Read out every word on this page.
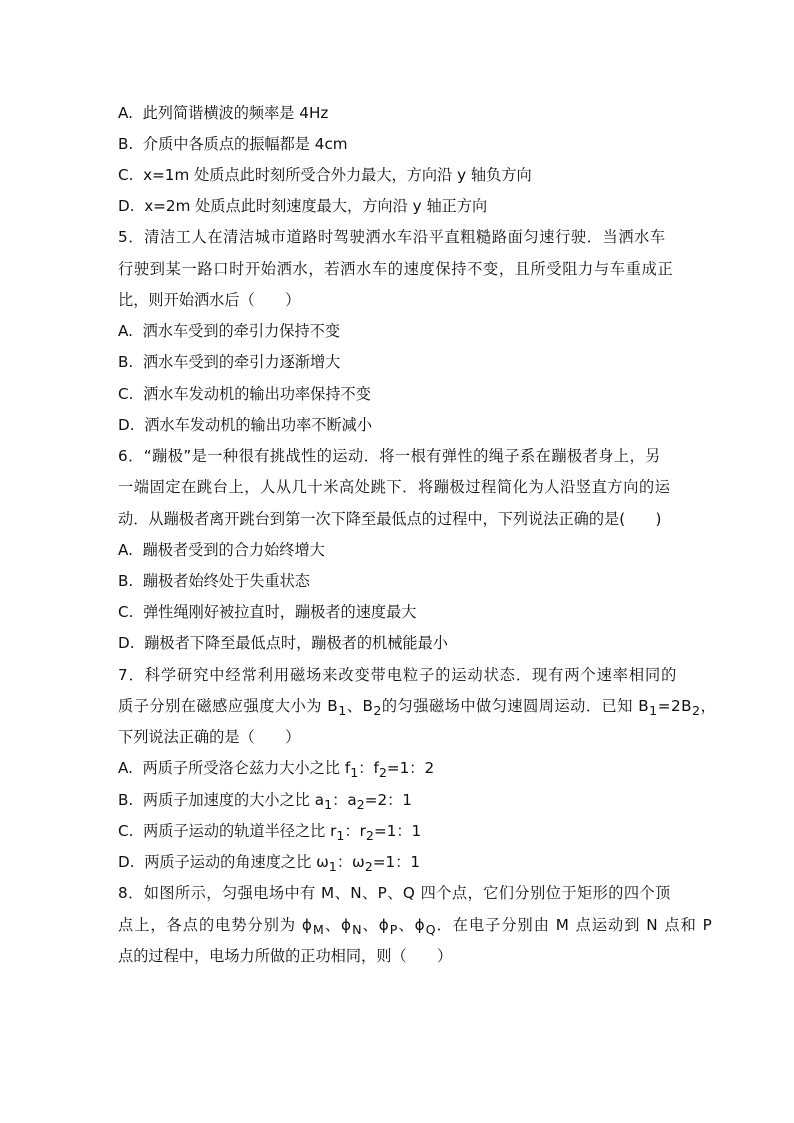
A. 此列简谐横波的频率是 4Hz

B. 介质中各质点的振幅都是 4cm

C. x=1m 处质点此时刻所受合外力最大，方向沿 y 轴负方向

D. x=2m 处质点此时刻速度最大，方向沿 y 轴正方向

5．清洁工人在清洁城市道路时驾驶洒水车沿平直粗糙路面匀速行驶．当洒水车

行驶到某一路口时开始洒水，若洒水车的速度保持不变，且所受阻力与车重成正

比，则开始洒水后（　　）

A. 洒水车受到的牵引力保持不变

B. 洒水车受到的牵引力逐渐增大

C. 洒水车发动机的输出功率保持不变

D. 洒水车发动机的输出功率不断减小

6．“蹦极”是一种很有挑战性的运动．将一根有弹性的绳子系在蹦极者身上，另

一端固定在跳台上，人从几十米高处跳下．将蹦极过程简化为人沿竖直方向的运

动．从蹦极者离开跳台到第一次下降至最低点的过程中，下列说法正确的是(　　)

A. 蹦极者受到的合力始终增大

B. 蹦极者始终处于失重状态

C. 弹性绳刚好被拉直时，蹦极者的速度最大

D. 蹦极者下降至最低点时，蹦极者的机械能最小

7．科学研究中经常利用磁场来改变带电粒子的运动状态．现有两个速率相同的

质子分别在磁感应强度大小为 $B_1$、$B_2$的匀强磁场中做匀速圆周运动．已知 $B_1=2B_2$，

下列说法正确的是（　　）

A. 两质子所受洛仑兹力大小之比 $f_1$：$f_2=1$：2

B. 两质子加速度的大小之比 $a_1$：$a_2=2$：1

C. 两质子运动的轨道半径之比 $r_1$：$r_2=1$：1

D. 两质子运动的角速度之比 $\omega_1$：$\omega_2=1$：1

8．如图所示，匀强电场中有 M、N、P、Q 四个点，它们分别位于矩形的四个顶

点上，各点的电势分别为 $\phi_M$、$\phi_N$、$\phi_P$、$\phi_Q$．在电子分别由 M 点运动到 N 点和 P

点的过程中，电场力所做的正功相同，则（　　）
